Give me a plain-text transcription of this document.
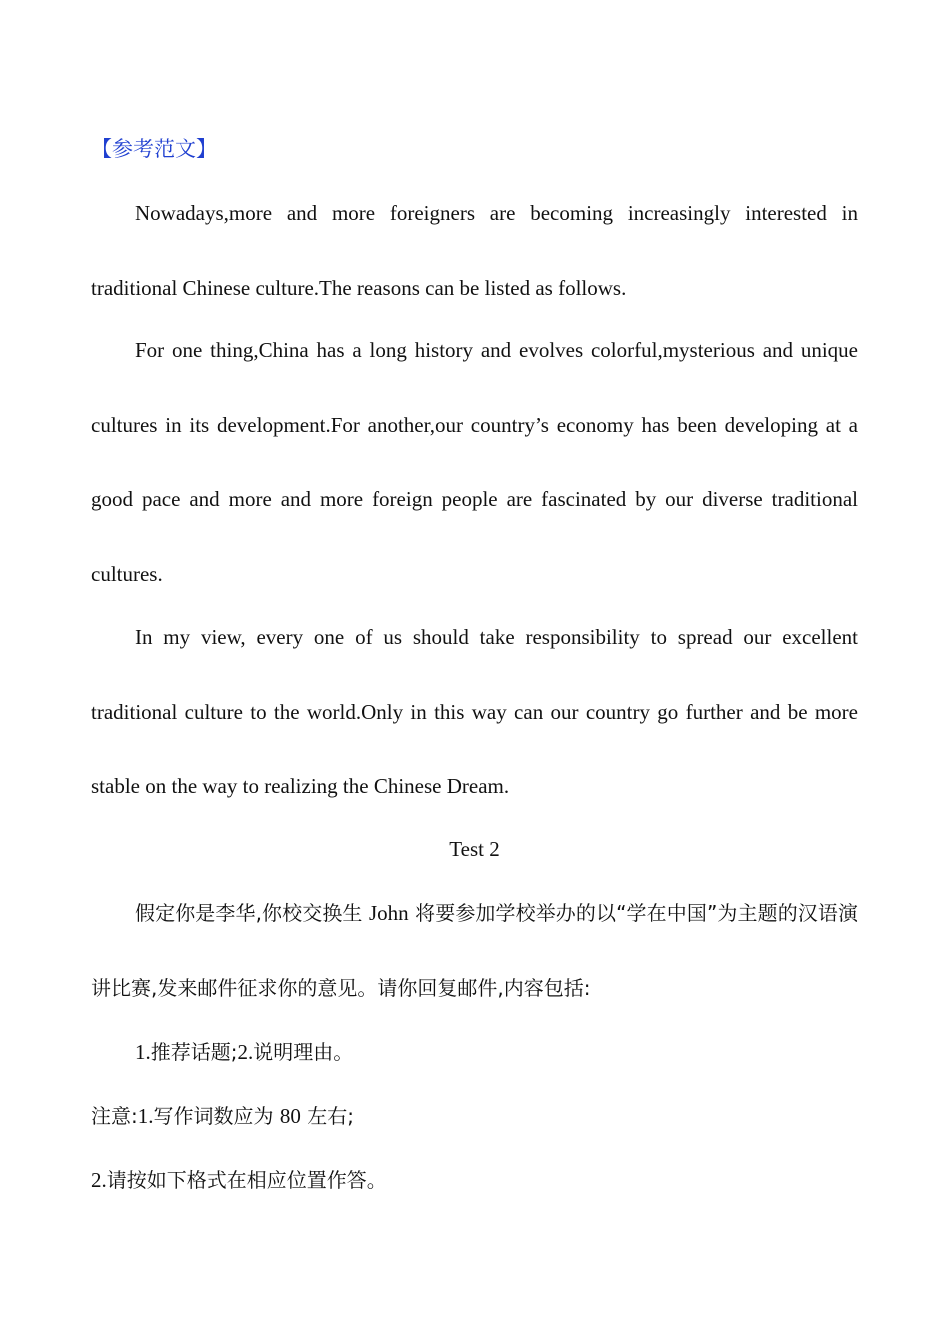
【参考范文】

Nowadays,more and more foreigners are becoming increasingly interested in traditional Chinese culture.The reasons can be listed as follows.

For one thing,China has a long history and evolves colorful,mysterious and unique cultures in its development.For another,our country’s economy has been developing at a good pace and more and more foreign people are fascinated by our diverse traditional cultures.

In my view, every one of us should take responsibility to spread our excellent traditional culture to the world.Only in this way can our country go further and be more stable on the way to realizing the Chinese Dream.

Test 2

假定你是李华,你校交换生 John 将要参加学校举办的以“学在中国”为主题的汉语演讲比赛,发来邮件征求你的意见。请你回复邮件,内容包括:

1.推荐话题;2.说明理由。
注意:1.写作词数应为 80 左右;
2.请按如下格式在相应位置作答。
